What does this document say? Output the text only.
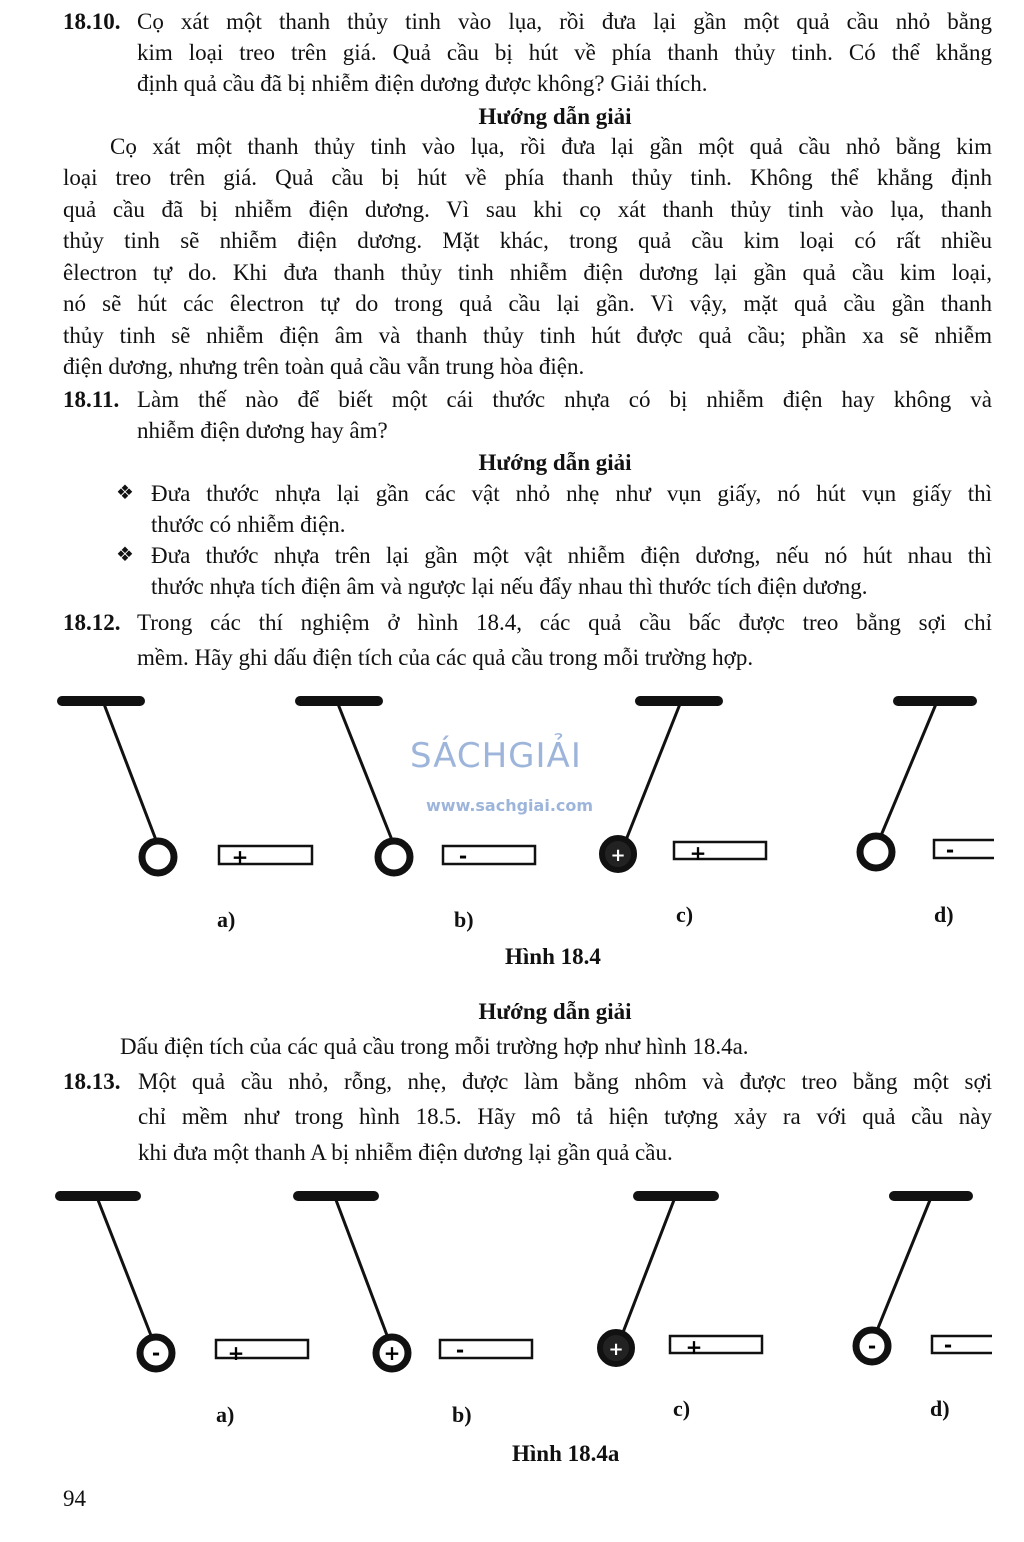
18.10. Cọ xát một thanh thủy tinh vào lụa, rồi đưa lại gần một quả cầu nhỏ bằng
kim loại treo trên giá. Quả cầu bị hút về phía thanh thủy tinh. Có thể khẳng
định quả cầu đã bị nhiễm điện dương được không? Giải thích.
Hướng dẫn giải
Cọ xát một thanh thủy tinh vào lụa, rồi đưa lại gần một quả cầu nhỏ bằng kim
loại treo trên giá. Quả cầu bị hút về phía thanh thủy tinh. Không thể khẳng định
quả cầu đã bị nhiễm điện dương. Vì sau khi cọ xát thanh thủy tinh vào lụa, thanh
thủy tinh sẽ nhiễm điện dương. Mặt khác, trong quả cầu kim loại có rất nhiều
êlectron tự do. Khi đưa thanh thủy tinh nhiễm điện dương lại gần quả cầu kim loại,
nó sẽ hút các êlectron tự do trong quả cầu lại gần. Vì vậy, mặt quả cầu gần thanh
thủy tinh sẽ nhiễm điện âm và thanh thủy tinh hút được quả cầu; phần xa sẽ nhiễm
điện dương, nhưng trên toàn quả cầu vẫn trung hòa điện.
18.11. Làm thế nào để biết một cái thước nhựa có bị nhiễm điện hay không và
nhiễm điện dương hay âm?
Hướng dẫn giải
❖ Đưa thước nhựa lại gần các vật nhỏ nhẹ như vụn giấy, nó hút vụn giấy thì
thước có nhiễm điện.
❖ Đưa thước nhựa trên lại gần một vật nhiễm điện dương, nếu nó hút nhau thì
thước nhựa tích điện âm và ngược lại nếu đẩy nhau thì thước tích điện dương.
18.12. Trong các thí nghiệm ở hình 18.4, các quả cầu bấc được treo bằng sợi chỉ
mềm. Hãy ghi dấu điện tích của các quả cầu trong mỗi trường hợp.
+	-	+	+	-
SÁCHGIẢI
www.sachgiai.com
a)	b)	c)	d)
Hình 18.4
Hướng dẫn giải
Dấu điện tích của các quả cầu trong mỗi trường hợp như hình 18.4a.
18.13. Một quả cầu nhỏ, rỗng, nhẹ, được làm bằng nhôm và được treo bằng một sợi
chỉ mềm như trong hình 18.5. Hãy mô tả hiện tượng xảy ra với quả cầu này
khi đưa một thanh A bị nhiễm điện dương lại gần quả cầu.
-	+	+	-	+	+	-	-
a)	b)	c)	d)
Hình 18.4a
94
